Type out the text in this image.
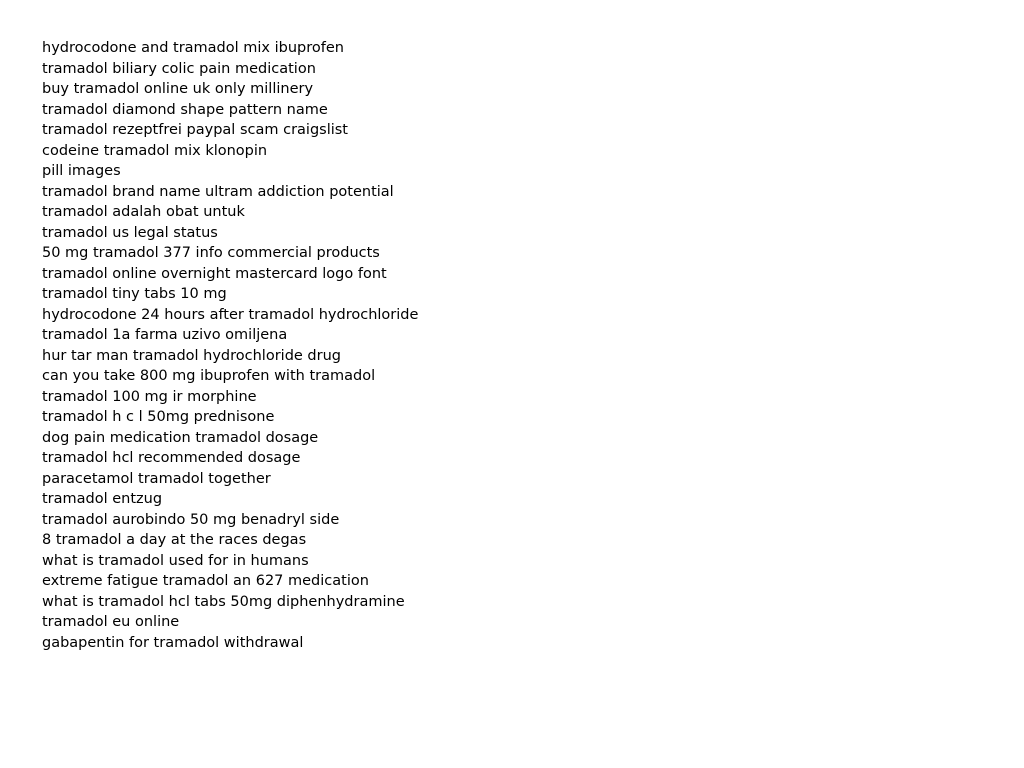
hydrocodone and tramadol mix ibuprofen
tramadol biliary colic pain medication
buy tramadol online uk only millinery
tramadol diamond shape pattern name
tramadol rezeptfrei paypal scam craigslist
codeine tramadol mix klonopin
pill images
tramadol brand name ultram addiction potential
tramadol adalah obat untuk
tramadol us legal status
50 mg tramadol 377 info commercial products
tramadol online overnight mastercard logo font
tramadol tiny tabs 10 mg
hydrocodone 24 hours after tramadol hydrochloride
tramadol 1a farma uzivo omiljena
hur tar man tramadol hydrochloride drug
can you take 800 mg ibuprofen with tramadol
tramadol 100 mg ir morphine
tramadol h c l 50mg prednisone
dog pain medication tramadol dosage
tramadol hcl recommended dosage
paracetamol tramadol together
tramadol entzug
tramadol aurobindo 50 mg benadryl side
8 tramadol a day at the races degas
what is tramadol used for in humans
extreme fatigue tramadol an 627 medication
what is tramadol hcl tabs 50mg diphenhydramine
tramadol eu online
gabapentin for tramadol withdrawal
